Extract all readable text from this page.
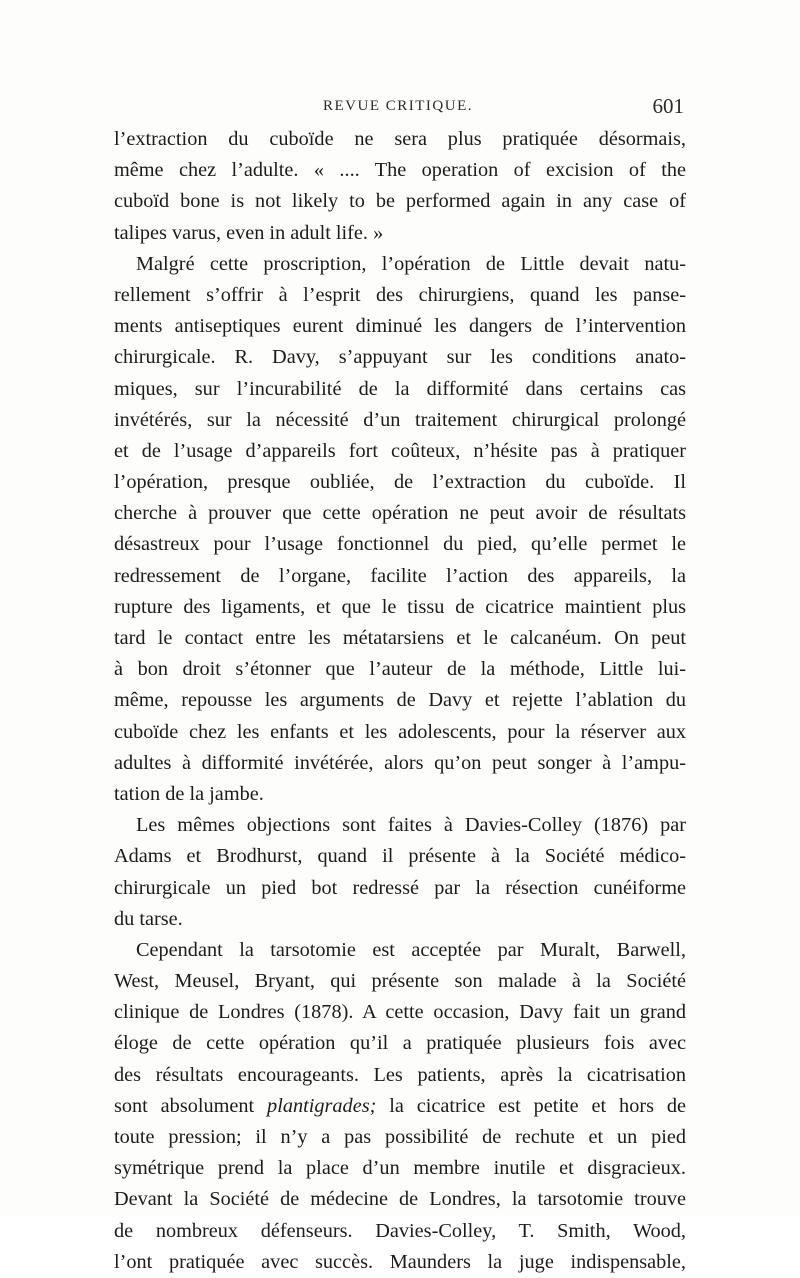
REVUE CRITIQUE.	601
l’extraction du cuboïde ne sera plus pratiquée désormais,
même chez l’adulte. « .... The operation of excision of the
cuboïd bone is not likely to be performed again in any case of
talipes varus, even in adult life. »
Malgré cette proscription, l’opération de Little devait natu-
rellement s’offrir à l’esprit des chirurgiens, quand les panse-
ments antiseptiques eurent diminué les dangers de l’intervention
chirurgicale. R. Davy, s’appuyant sur les conditions anato-
miques, sur l’incurabilité de la difformité dans certains cas
invétérés, sur la nécessité d’un traitement chirurgical prolongé
et de l’usage d’appareils fort coûteux, n’hésite pas à pratiquer
l’opération, presque oubliée, de l’extraction du cuboïde. Il
cherche à prouver que cette opération ne peut avoir de résultats
désastreux pour l’usage fonctionnel du pied, qu’elle permet le
redressement de l’organe, facilite l’action des appareils, la
rupture des ligaments, et que le tissu de cicatrice maintient plus
tard le contact entre les métatarsiens et le calcanéum. On peut
à bon droit s’étonner que l’auteur de la méthode, Little lui-
même, repousse les arguments de Davy et rejette l’ablation du
cuboïde chez les enfants et les adolescents, pour la réserver aux
adultes à difformité invétérée, alors qu’on peut songer à l’ampu-
tation de la jambe.
Les mêmes objections sont faites à Davies-Colley (1876) par
Adams et Brodhurst, quand il présente à la Société médico-
chirurgicale un pied bot redressé par la résection cunéiforme
du tarse.
Cependant la tarsotomie est acceptée par Muralt, Barwell,
West, Meusel, Bryant, qui présente son malade à la Société
clinique de Londres (1878). A cette occasion, Davy fait un grand
éloge de cette opération qu’il a pratiquée plusieurs fois avec
des résultats encourageants. Les patients, après la cicatrisation
sont absolument plantigrades; la cicatrice est petite et hors de
toute pression; il n’y a pas possibilité de rechute et un pied
symétrique prend la place d’un membre inutile et disgracieux.
Devant la Société de médecine de Londres, la tarsotomie trouve
de nombreux défenseurs. Davies-Colley, T. Smith, Wood,
l’ont pratiquée avec succès. Maunders la juge indispensable,
